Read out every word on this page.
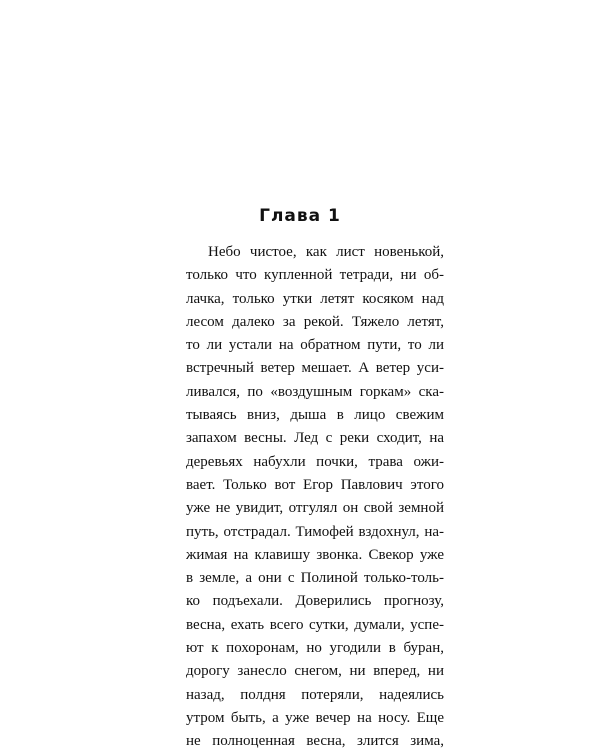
Глава 1
Небо чистое, как лист новенькой,
только что купленной тетради, ни об-
лачка, только утки летят косяком над
лесом далеко за рекой. Тяжело летят,
то ли устали на обратном пути, то ли
встречный ветер мешает. А ветер уси-
ливался, по «воздушным горкам» ска-
тываясь вниз, дыша в лицо свежим
запахом весны. Лед с реки сходит, на
деревьях набухли почки, трава ожи-
вает. Только вот Егор Павлович этого
уже не увидит, отгулял он свой земной
путь, отстрадал. Тимофей вздохнул, на-
жимая на клавишу звонка. Свекор уже
в земле, а они с Полиной только-толь-
ко подъехали. Доверились прогнозу,
весна, ехать всего сутки, думали, успе-
ют к похоронам, но угодили в буран,
дорогу занесло снегом, ни вперед, ни
назад, полдня потеряли, надеялись
утром быть, а уже вечер на носу. Еще
не полноценная весна, злится зима,
